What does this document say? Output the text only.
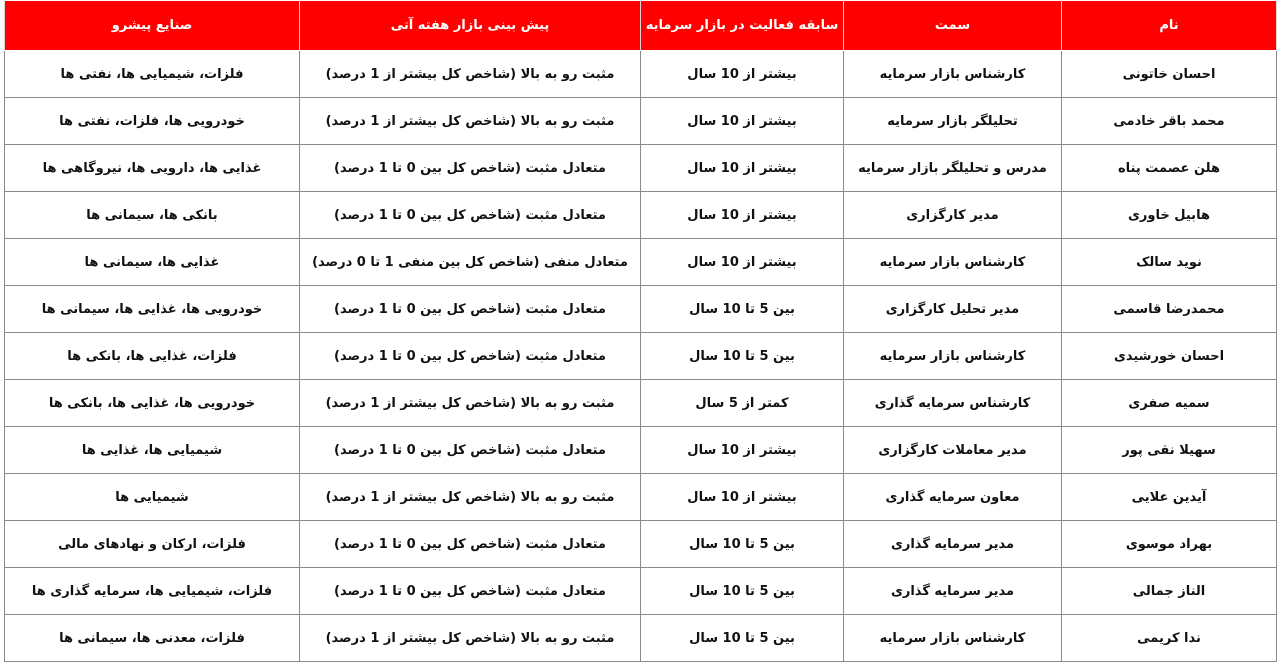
نام	سمت	سابقه فعالیت در بازار سرمایه	پیش بینی بازار هفته آتی	صنایع پیشرو
احسان خاتونی	کارشناس بازار سرمایه	بیشتر از 10 سال	مثبت رو به بالا (شاخص کل بیشتر از 1 درصد)	فلزات، شیمیایی ها، نفتی ها
محمد باقر خادمی	تحلیلگر بازار سرمایه	بیشتر از 10 سال	مثبت رو به بالا (شاخص کل بیشتر از 1 درصد)	خودرویی ها، فلزات، نفتی ها
هلن عصمت پناه	مدرس و تحلیلگر بازار سرمایه	بیشتر از 10 سال	متعادل مثبت (شاخص کل بین 0 تا 1 درصد)	غذایی ها، دارویی ها، نیروگاهی ها
هابیل خاوری	مدیر کارگزاری	بیشتر از 10 سال	متعادل مثبت (شاخص کل بین 0 تا 1 درصد)	بانکی ها، سیمانی ها
نوید سالک	کارشناس بازار سرمایه	بیشتر از 10 سال	متعادل منفی (شاخص کل بین منفی 1 تا 0 درصد)	غذایی ها، سیمانی ها
محمدرضا قاسمی	مدیر تحلیل کارگزاری	بین 5 تا 10 سال	متعادل مثبت (شاخص کل بین 0 تا 1 درصد)	خودرویی ها، غذایی ها، سیمانی ها
احسان خورشیدی	کارشناس بازار سرمایه	بین 5 تا 10 سال	متعادل مثبت (شاخص کل بین 0 تا 1 درصد)	فلزات، غذایی ها، بانکی ها
سمیه صفری	کارشناس سرمایه گذاری	کمتر از 5 سال	مثبت رو به بالا (شاخص کل بیشتر از 1 درصد)	خودرویی ها، غذایی ها، بانکی ها
سهیلا نقی پور	مدیر معاملات کارگزاری	بیشتر از 10 سال	متعادل مثبت (شاخص کل بین 0 تا 1 درصد)	شیمیایی ها، غذایی ها
آیدین علایی	معاون سرمایه گذاری	بیشتر از 10 سال	مثبت رو به بالا (شاخص کل بیشتر از 1 درصد)	شیمیایی ها
بهراد موسوی	مدیر سرمایه گذاری	بین 5 تا 10 سال	متعادل مثبت (شاخص کل بین 0 تا 1 درصد)	فلزات، ارکان و نهادهای مالی
الناز جمالی	مدیر سرمایه گذاری	بین 5 تا 10 سال	متعادل مثبت (شاخص کل بین 0 تا 1 درصد)	فلزات، شیمیایی ها، سرمایه گذاری ها
ندا کریمی	کارشناس بازار سرمایه	بین 5 تا 10 سال	مثبت رو به بالا (شاخص کل بیشتر از 1 درصد)	فلزات، معدنی ها، سیمانی ها
